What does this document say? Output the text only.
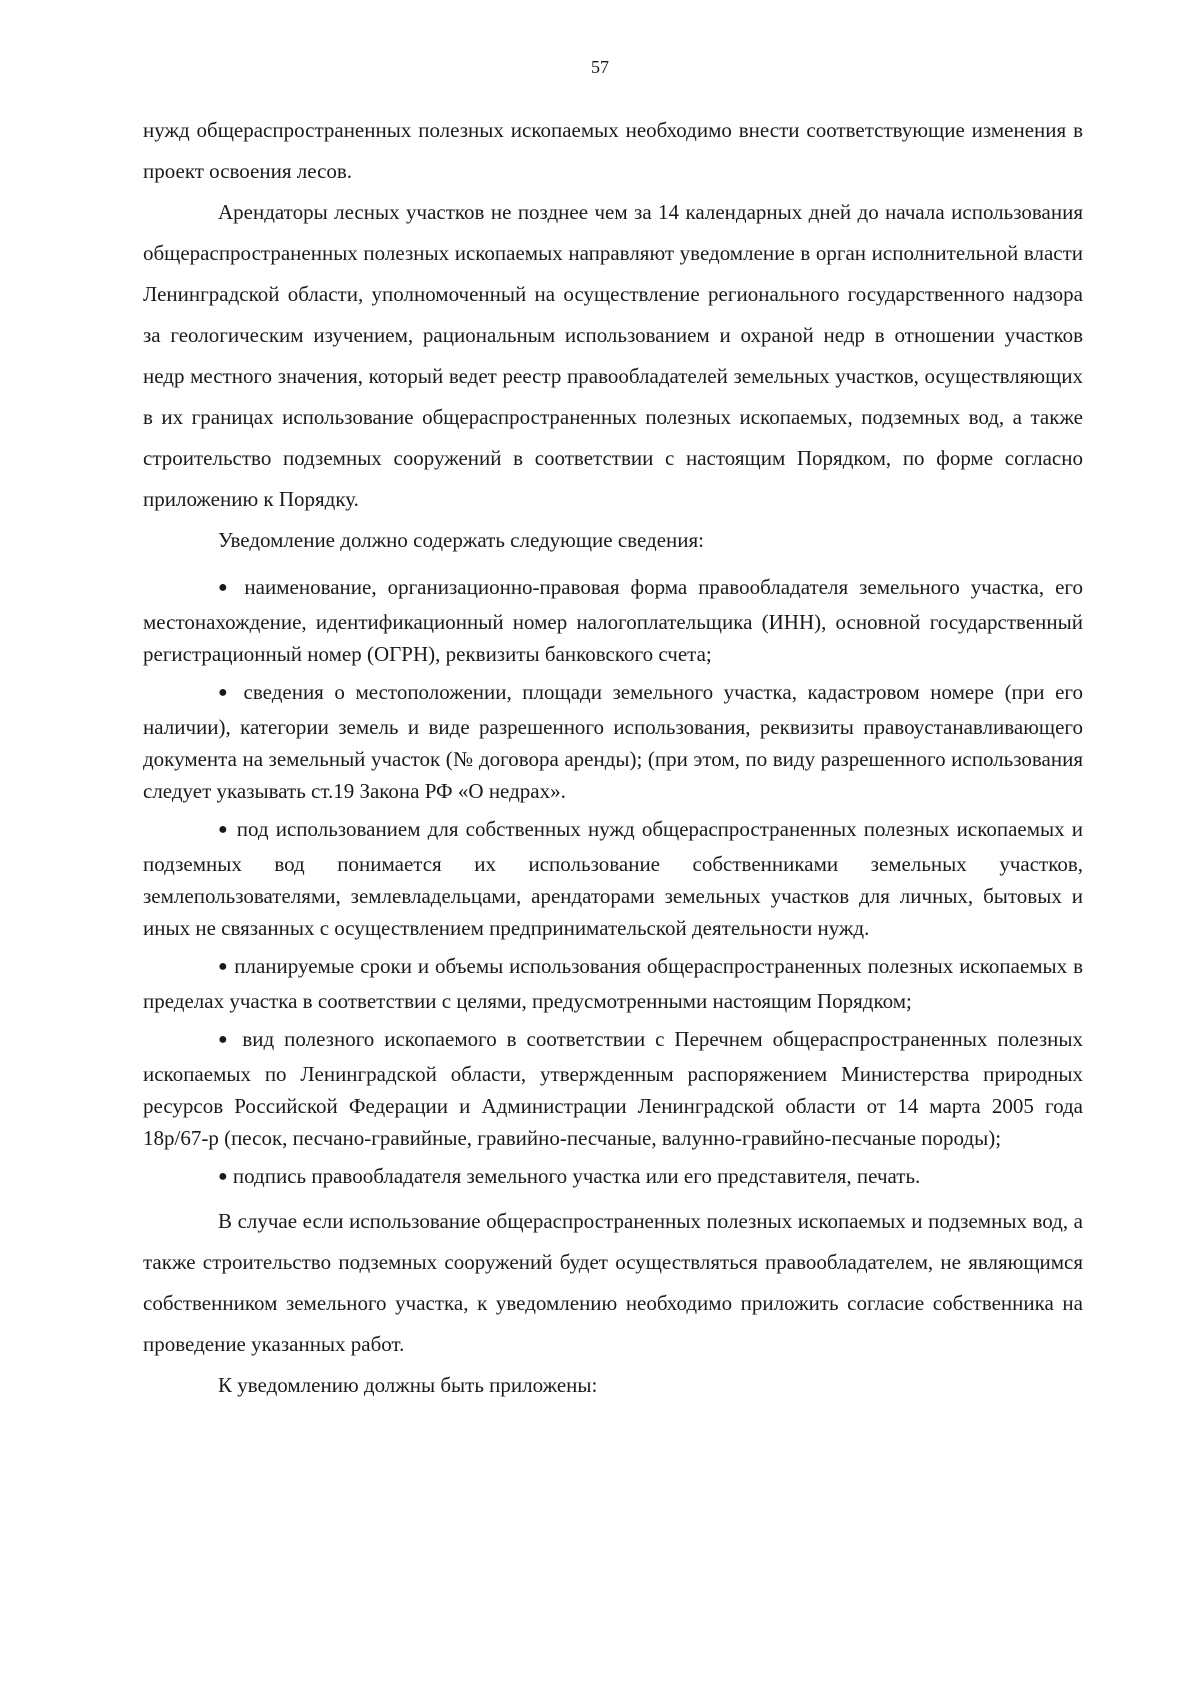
57

нужд общераспространенных полезных ископаемых необходимо внести соответствующие изменения в проект освоения лесов.

Арендаторы лесных участков не позднее чем за 14 календарных дней до начала использования общераспространенных полезных ископаемых направляют уведомление в орган исполнительной власти Ленинградской области, уполномоченный на осуществление регионального государственного надзора за геологическим изучением, рациональным использованием и охраной недр в отношении участков недр местного значения, который ведет реестр правообладателей земельных участков, осуществляющих в их границах использование общераспространенных полезных ископаемых, подземных вод, а также строительство подземных сооружений в соответствии с настоящим Порядком, по форме согласно приложению к Порядку.

Уведомление должно содержать следующие сведения:

● наименование, организационно-правовая форма правообладателя земельного участка, его местонахождение, идентификационный номер налогоплательщика (ИНН), основной государственный регистрационный номер (ОГРН), реквизиты банковского счета;

● сведения о местоположении, площади земельного участка, кадастровом номере (при его наличии), категории земель и виде разрешенного использования, реквизиты правоустанавливающего документа на земельный участок (№ договора аренды); (при этом, по виду разрешенного использования следует указывать ст.19 Закона РФ «О недрах».

● под использованием для собственных нужд общераспространенных полезных ископаемых и подземных вод понимается их использование собственниками земельных участков, землепользователями, землевладельцами, арендаторами земельных участков для личных, бытовых и иных не связанных с осуществлением предпринимательской деятельности нужд.

● планируемые сроки и объемы использования общераспространенных полезных ископаемых в пределах участка в соответствии с целями, предусмотренными настоящим Порядком;

● вид полезного ископаемого в соответствии с Перечнем общераспространенных полезных ископаемых по Ленинградской области, утвержденным распоряжением Министерства природных ресурсов Российской Федерации и Администрации Ленинградской области от 14 марта 2005 года 18р/67-р (песок, песчано-гравийные, гравийно-песчаные, валунно-гравийно-песчаные породы);

● подпись правообладателя земельного участка или его представителя, печать.

В случае если использование общераспространенных полезных ископаемых и подземных вод, а также строительство подземных сооружений будет осуществляться правообладателем, не являющимся собственником земельного участка, к уведомлению необходимо приложить согласие собственника на проведение указанных работ.

К уведомлению должны быть приложены:
